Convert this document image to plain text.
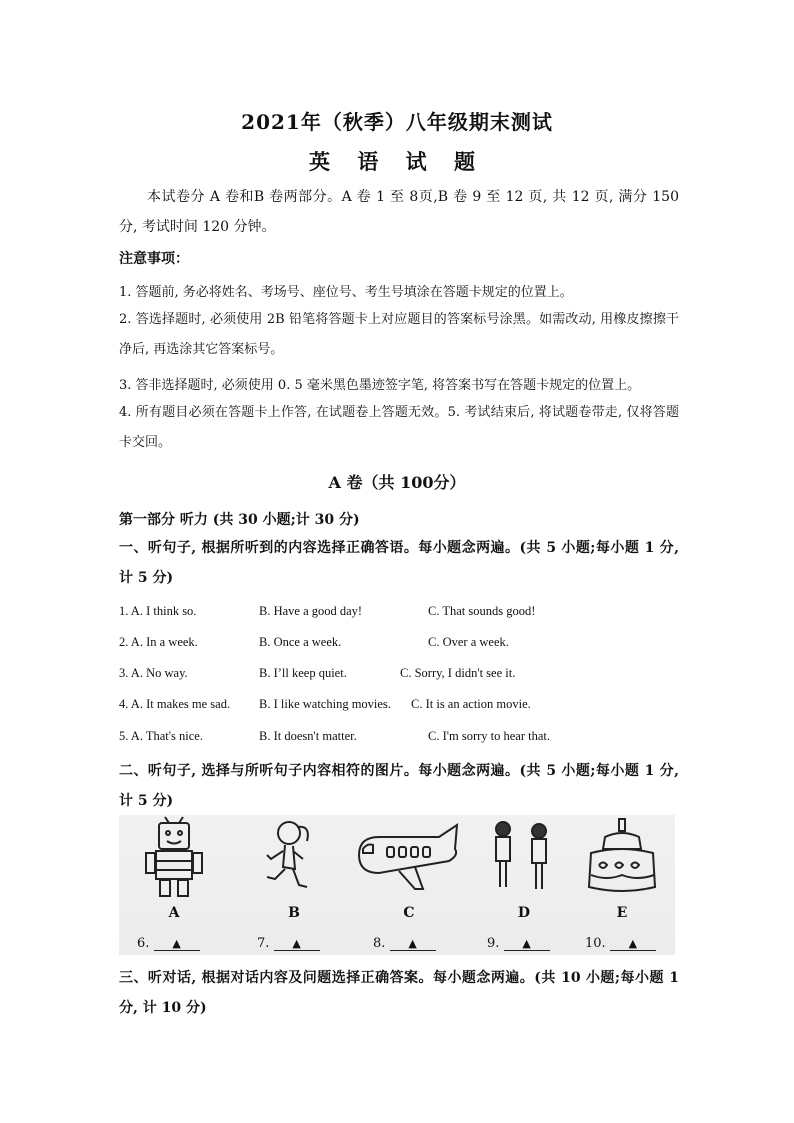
2021年（秋季）八年级期末测试
英 语 试 题
本试卷分 A 卷和B 卷两部分。A 卷 1 至 8页,B 卷 9 至 12 页, 共 12 页, 满分 150 分, 考试时间 120 分钟。
注意事项：
1. 答题前, 务必将姓名、考场号、座位号、考生号填涂在答题卡规定的位置上。
2. 答选择题时, 必须使用 2B 铅笔将答题卡上对应题目的答案标号涂黑。如需改动, 用橡皮擦擦干净后, 再选涂其它答案标号。
3. 答非选择题时, 必须使用 0. 5 毫米黑色墨迹签字笔, 将答案书写在答题卡规定的位置上。
4. 所有题目必须在答题卡上作答, 在试题卷上答题无效。5. 考试结束后, 将试题卷带走, 仅将答题卡交回。
A 卷（共 100分）
第一部分 听力 (共 30 小题;计 30 分)
一、听句子, 根据所听到的内容选择正确答语。每小题念两遍。(共 5 小题;每小题 1 分, 计 5 分)
1. A. I think so.	B. Have a good day!	C. That sounds good!
2. A. In a week.	B. Once a week.	C. Over a week.
3. A. No way.	B. I’ll keep quiet.	C. Sorry, I didn't see it.
4. A. It makes me sad. B. I like watching movies. C. It is an action movie.
5. A. That's nice.	B. It doesn't matter.	C. I'm sorry to hear that.
二、听句子, 选择与所听句子内容相符的图片。每小题念两遍。(共 5 小题;每小题 1 分, 计 5 分)
A
6. ▲
B
7. ▲
C
8. ▲
D
9. ▲
E
10. ▲
三、听对话, 根据对话内容及问题选择正确答案。每小题念两遍。(共 10 小题;每小题 1 分, 计 10 分)
